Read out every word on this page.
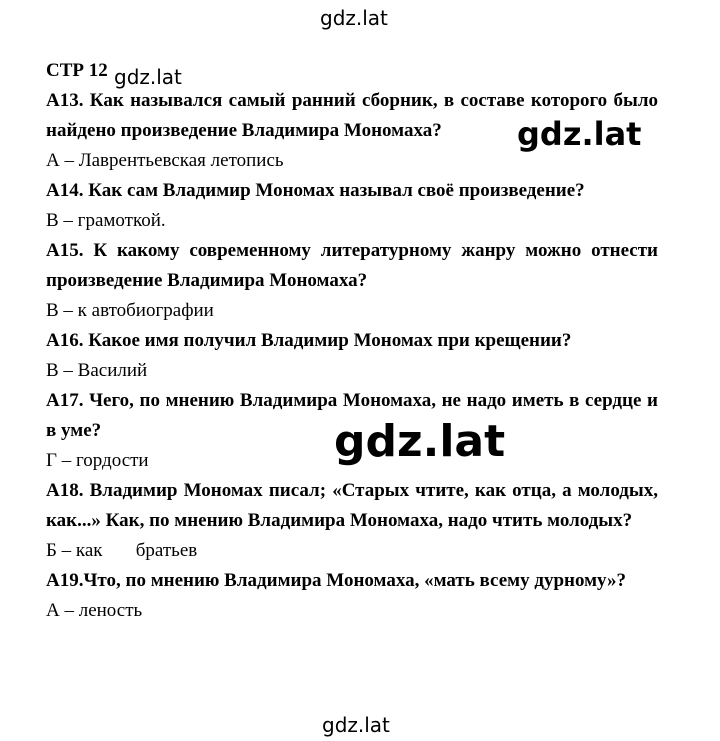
gdz.lat
СТР 12
А13. Как назывался самый ранний сборник, в составе которого было найдено произведение Владимира Мономаха?
А – Лаврентьевская летопись
А14. Как сам Владимир Мономах называл своё произведение?
В – грамоткой.
А15. К какому современному литературному жанру можно отнести произведение Владимира Мономаха?
В – к автобиографии
А16. Какое имя получил Владимир Мономах при крещении?
В – Василий
А17. Чего, по мнению Владимира Мономаха, не надо иметь в сердце и в уме?
Г – гордости
А18. Владимир Мономах писал; «Старых чтите, как отца, а молодых, как...» Как, по мнению Владимира Мономаха, надо чтить молодых?
Б – как       братьев
А19.Что, по мнению Владимира Мономаха, «мать всему дурному»?
А – леность
gdz.lat
gdz.lat
gdz.lat
gdz.lat
